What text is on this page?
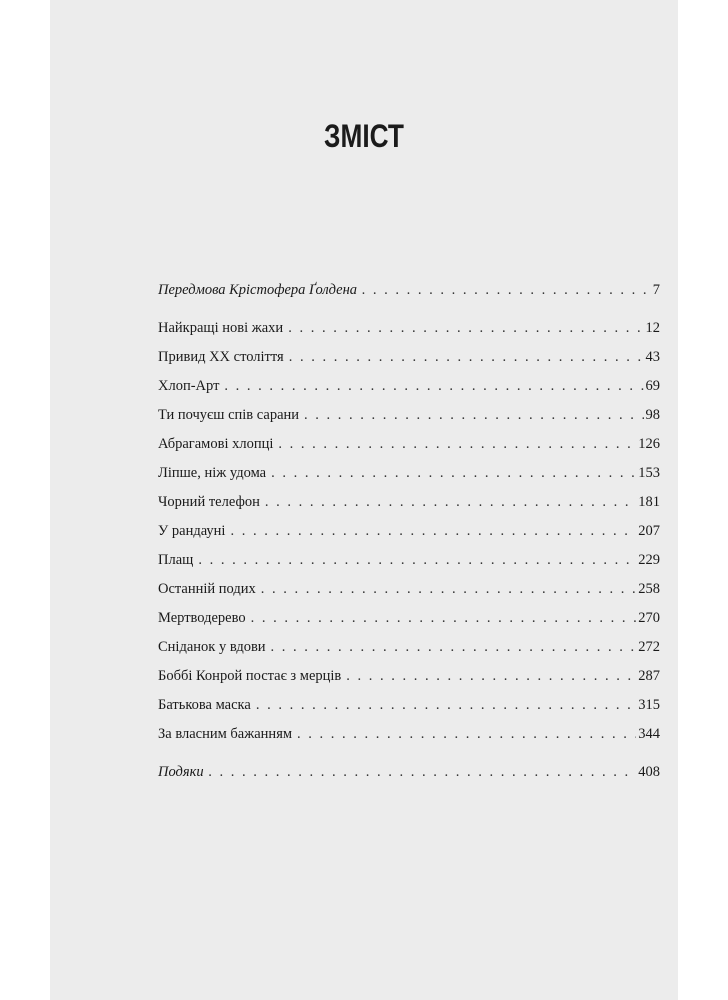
ЗМІСТ
Передмова Крістофера Ґолдена . . .	7
Найкращі нові жахи . . .	12
Привид ХХ століття . . .	43
Хлоп-Арт . . .	69
Ти почуєш спів сарани . . .	98
Абрагамові хлопці . . .	126
Ліпше, ніж удома . . .	153
Чорний телефон . . .	181
У рандауні . . .	207
Плащ . . .	229
Останній подих . . .	258
Мертводерево . . .	270
Сніданок у вдови . . .	272
Боббі Конрой постає з мерців . . .	287
Батькова маска . . .	315
За власним бажанням . . .	344
Подяки . . .	408
